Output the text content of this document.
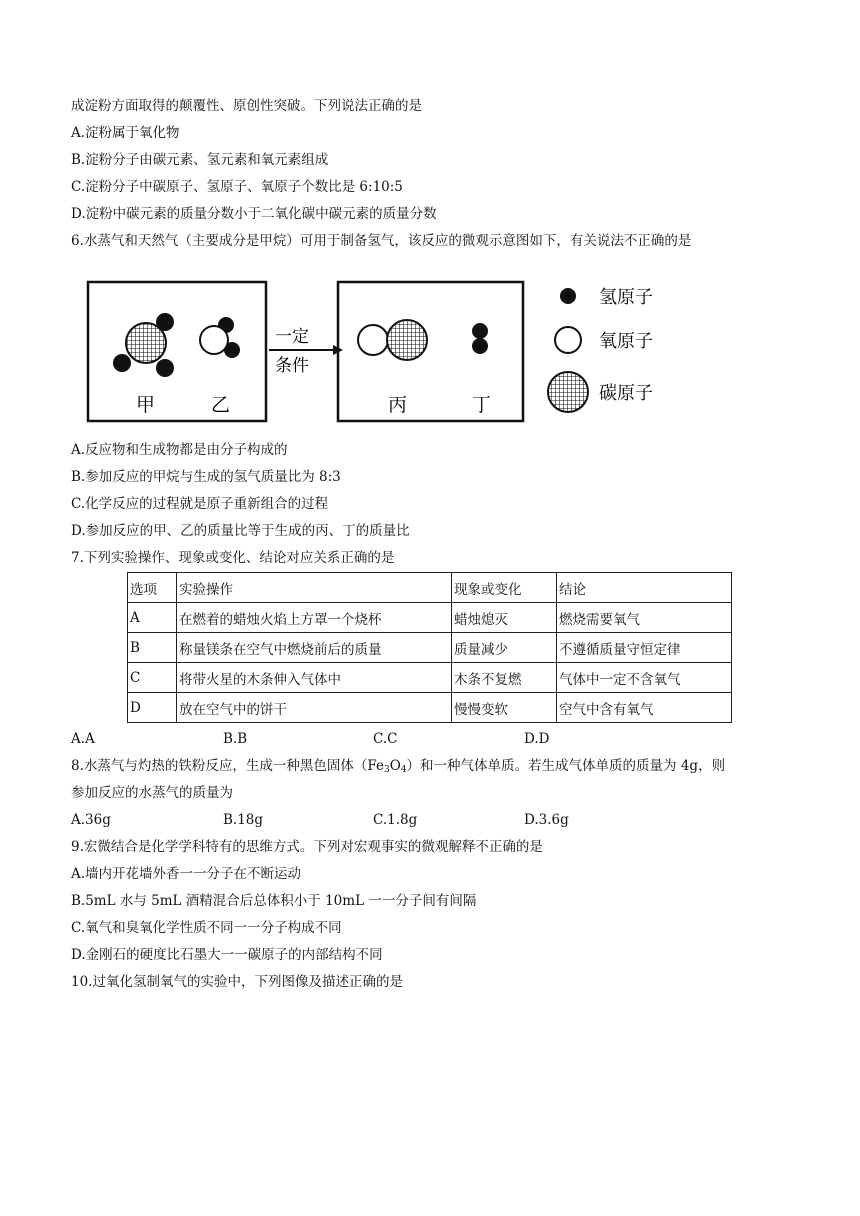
成淀粉方面取得的颠覆性、原创性突破。下列说法正确的是
A.淀粉属于氧化物
B.淀粉分子由碳元素、氢元素和氧元素组成
C.淀粉分子中碳原子、氢原子、氧原子个数比是 6:10:5
D.淀粉中碳元素的质量分数小于二氧化碳中碳元素的质量分数
6.水蒸气和天然气（主要成分是甲烷）可用于制备氢气，该反应的微观示意图如下，有关说法不正确的是
甲	乙
一定
条件
丙	丁
氢原子
氧原子
碳原子
A.反应物和生成物都是由分子构成的
B.参加反应的甲烷与生成的氢气质量比为 8:3
C.化学反应的过程就是原子重新组合的过程
D.参加反应的甲、乙的质量比等于生成的丙、丁的质量比
7.下列实验操作、现象或变化、结论对应关系正确的是
选项	实验操作	现象或变化	结论
A	在燃着的蜡烛火焰上方罩一个烧杯	蜡烛熄灭	燃烧需要氧气
B	称量镁条在空气中燃烧前后的质量	质量减少	不遵循质量守恒定律
C	将带火星的木条伸入气体中	木条不复燃	气体中一定不含氧气
D	放在空气中的饼干	慢慢变软	空气中含有氧气
A.A	B.B	C.C	D.D
8.水蒸气与灼热的铁粉反应，生成一种黑色固体$(Fe_3O_4)$和一种气体单质。若生成气体单质的质量为 4g，则
参加反应的水蒸气的质量为
A.36g	B.18g	C.1.8g	D.3.6g
9.宏微结合是化学学科特有的思维方式。下列对宏观事实的微观解释不正确的是
A.墙内开花墙外香一一分子在不断运动
B.5mL 水与 5mL 酒精混合后总体积小于 10mL 一一分子间有间隔
C.氧气和臭氧化学性质不同一一分子构成不同
D.金刚石的硬度比石墨大一一碳原子的内部结构不同
10.过氧化氢制氧气的实验中，下列图像及描述正确的是
